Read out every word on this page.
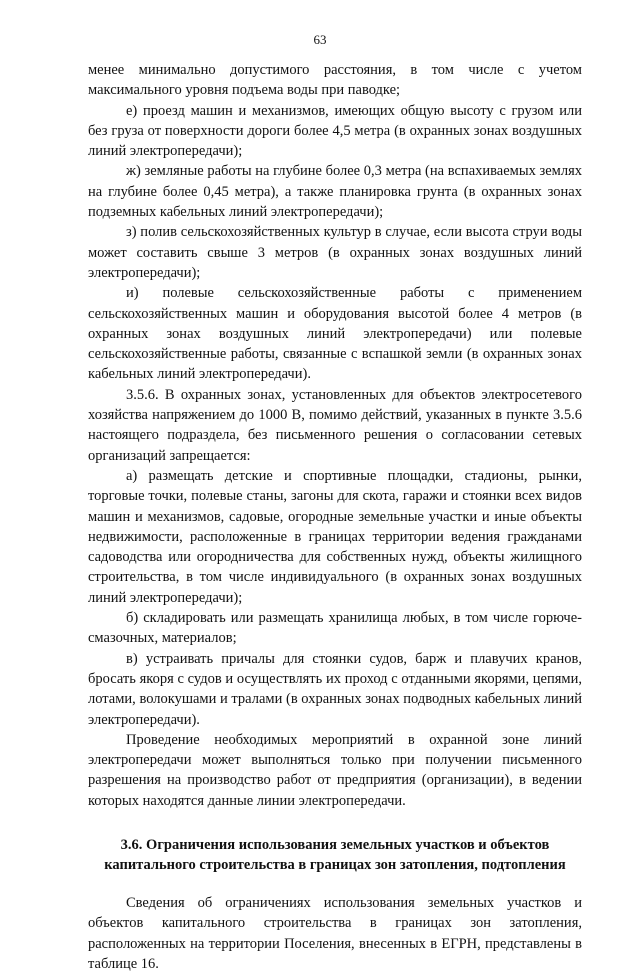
63

менее минимально допустимого расстояния, в том числе с учетом максимального уровня подъема воды при паводке;

е) проезд машин и механизмов, имеющих общую высоту с грузом или без груза от поверхности дороги более 4,5 метра (в охранных зонах воздушных линий электропередачи);

ж) земляные работы на глубине более 0,3 метра (на вспахиваемых землях на глубине более 0,45 метра), а также планировка грунта (в охранных зонах подземных кабельных линий электропередачи);

з) полив сельскохозяйственных культур в случае, если высота струи воды может составить свыше 3 метров (в охранных зонах воздушных линий электропередачи);

и) полевые сельскохозяйственные работы с применением сельскохозяйственных машин и оборудования высотой более 4 метров (в охранных зонах воздушных линий электропередачи) или полевые сельскохозяйственные работы, связанные с вспашкой земли (в охранных зонах кабельных линий электропередачи).

3.5.6. В охранных зонах, установленных для объектов электросетевого хозяйства напряжением до 1000 В, помимо действий, указанных в пункте 3.5.6 настоящего подраздела, без письменного решения о согласовании сетевых организаций запрещается:

а) размещать детские и спортивные площадки, стадионы, рынки, торговые точки, полевые станы, загоны для скота, гаражи и стоянки всех видов машин и механизмов, садовые, огородные земельные участки и иные объекты недвижимости, расположенные в границах территории ведения гражданами садоводства или огородничества для собственных нужд, объекты жилищного строительства, в том числе индивидуального (в охранных зонах воздушных линий электропередачи);

б) складировать или размещать хранилища любых, в том числе горюче-смазочных, материалов;

в) устраивать причалы для стоянки судов, барж и плавучих кранов, бросать якоря с судов и осуществлять их проход с отданными якорями, цепями, лотами, волокушами и тралами (в охранных зонах подводных кабельных линий электропередачи).

Проведение необходимых мероприятий в охранной зоне линий электропередачи может выполняться только при получении письменного разрешения на производство работ от предприятия (организации), в ведении которых находятся данные линии электропередачи.

3.6. Ограничения использования земельных участков и объектов капитального строительства в границах зон затопления, подтопления

Сведения об ограничениях использования земельных участков и объектов капитального строительства в границах зон затопления, расположенных на территории Поселения, внесенных в ЕГРН, представлены в таблице 16.
